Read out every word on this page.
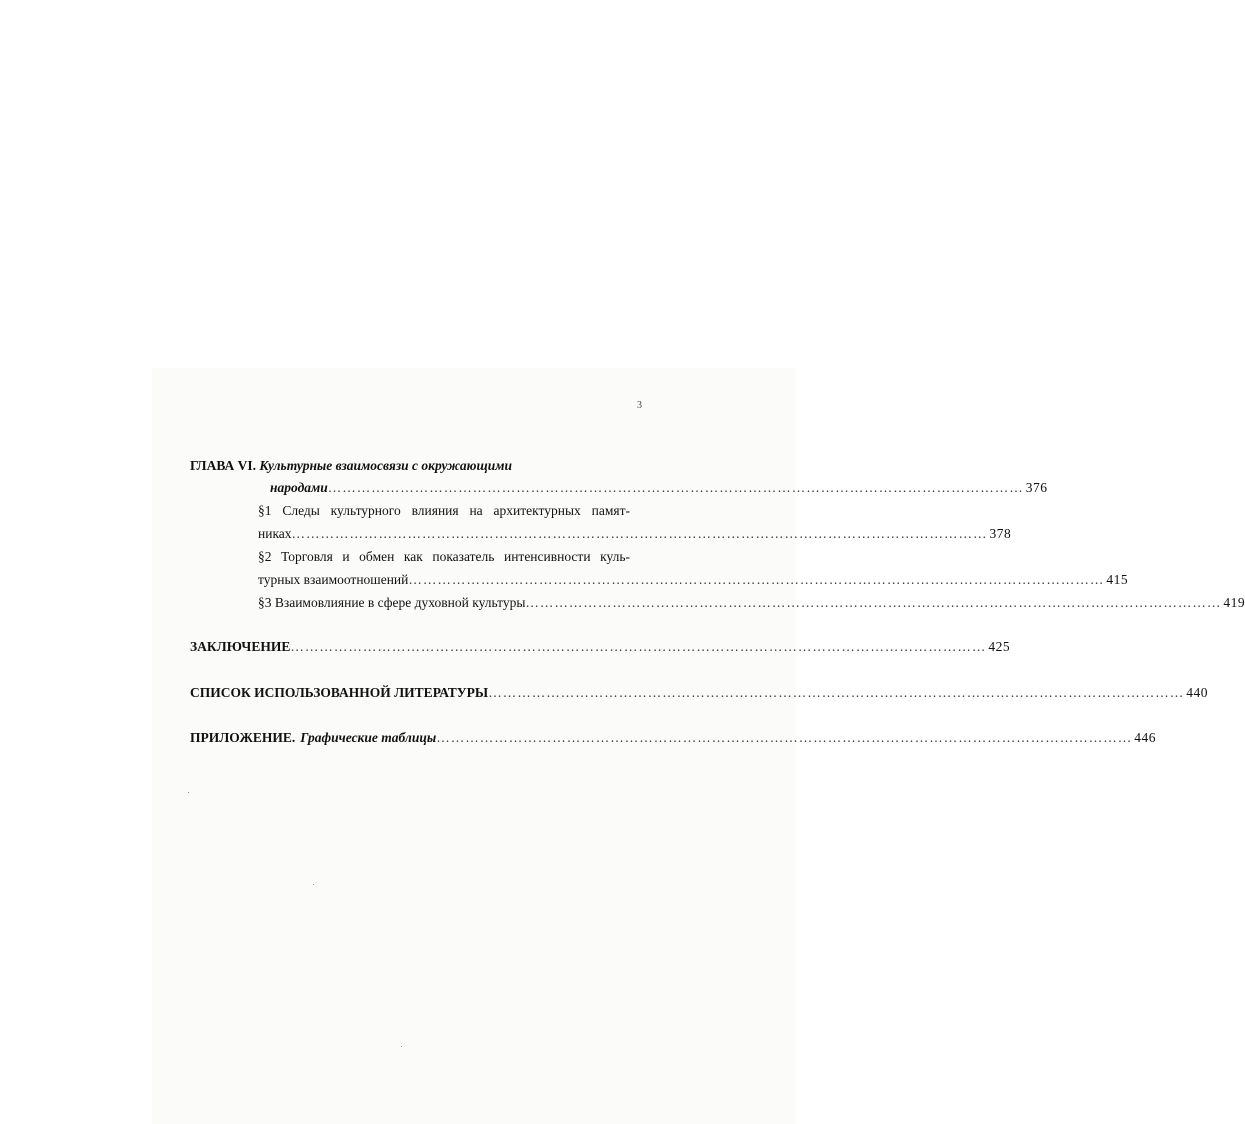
3
ГЛАВА VI. Культурные взаимосвязи с окружающими
народами ……………………………………………………………………………………………………………………………… 376
§1 Следы культурного влияния на архитектурных памят-
никах ……………………………………………………………………………………………………………………………… 378
§2 Торговля и обмен как показатель интенсивности куль-
турных взаимоотношений ……………………………………………………………………………………………………………………………… 415
§3 Взаимовлияние в сфере духовной культуры ……………………………………………………………………………………………………………………………… 419
ЗАКЛЮЧЕНИЕ ……………………………………………………………………………………………………………………………… 425
СПИСОК ИСПОЛЬЗОВАННОЙ ЛИТЕРАТУРЫ ……………………………………………………………………………………………………………………………… 440
ПРИЛОЖЕНИЕ. Графические таблицы ……………………………………………………………………………………………………………………………… 446
